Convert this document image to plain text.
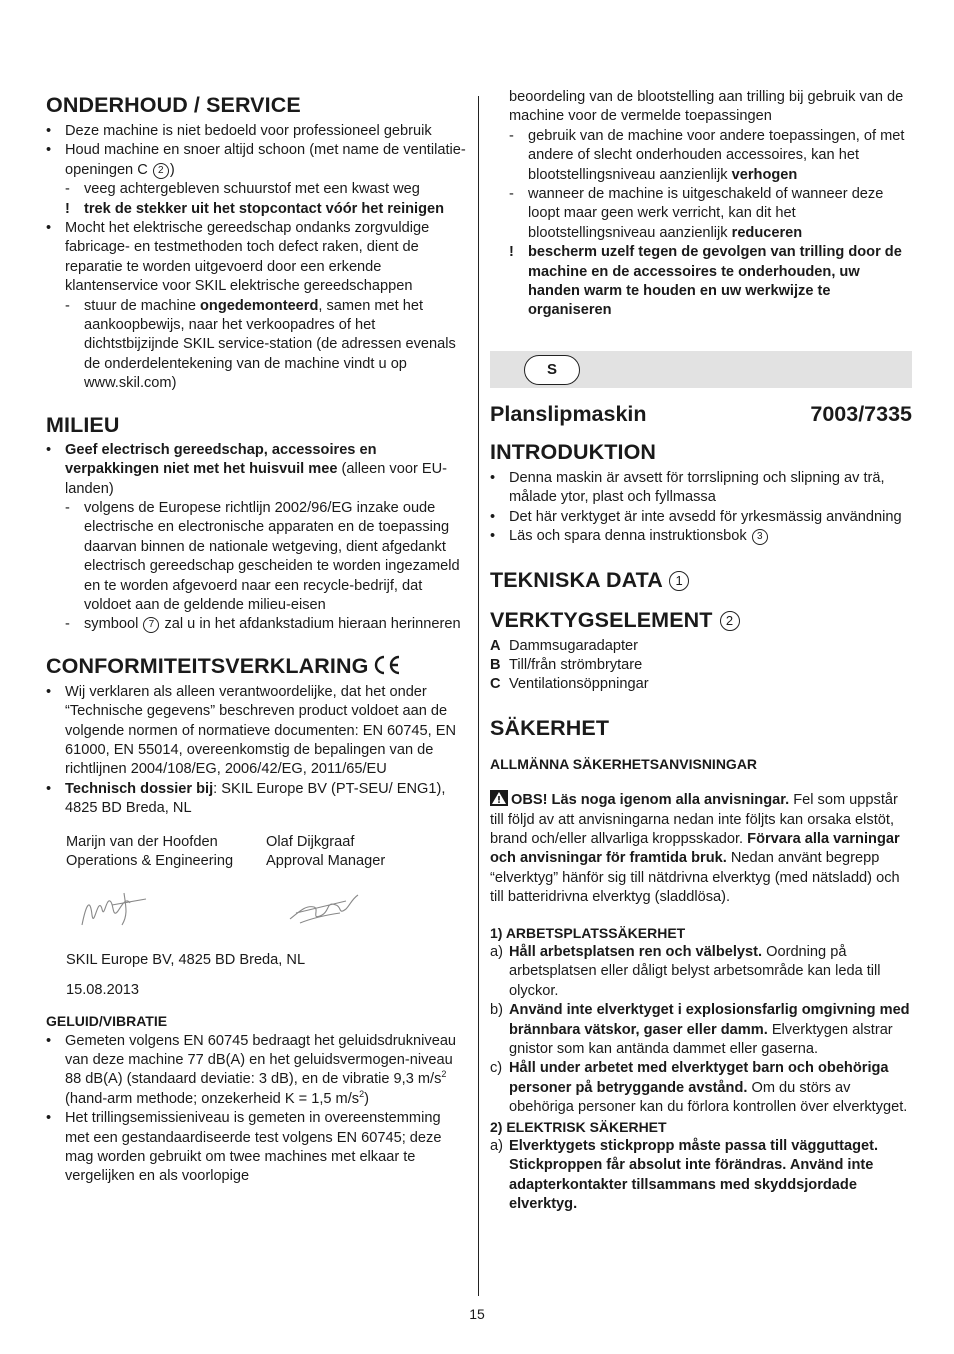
ONDERHOUD / SERVICE
• Deze machine is niet bedoeld voor professioneel gebruik
• Houd machine en snoer altijd schoon (met name de ventilatie-openingen C 2 )
- veeg achtergebleven schuurstof met een kwast weg
! trek de stekker uit het stopcontact vóór het reinigen
• Mocht het elektrische gereedschap ondanks zorgvuldige fabricage- en testmethoden toch defect raken, dient de reparatie te worden uitgevoerd door een erkende klantenservice voor SKIL elektrische gereedschappen
- stuur de machine ongedemonteerd, samen met het aankoopbewijs, naar het verkoopadres of het dichtstbijzijnde SKIL service-station (de adressen evenals de onderdelentekening van de machine vindt u op www.skil.com)
MILIEU
• Geef electrisch gereedschap, accessoires en verpakkingen niet met het huisvuil mee (alleen voor EU-landen)
- volgens de Europese richtlijn 2002/96/EG inzake oude electrische en electronische apparaten en de toepassing daarvan binnen de nationale wetgeving, dient afgedankt electrisch gereedschap gescheiden te worden ingezameld en te worden afgevoerd naar een recycle-bedrijf, dat voldoet aan de geldende milieu-eisen
- symbool 7 zal u in het afdankstadium hieraan herinneren
CONFORMITEITSVERKLARING
• Wij verklaren als alleen verantwoordelijke, dat het onder “Technische gegevens” beschreven product voldoet aan de volgende normen of normatieve documenten: EN 60745, EN 61000, EN 55014, overeenkomstig de bepalingen van de richtlijnen 2004/108/EG, 2006/42/EG, 2011/65/EU
• Technisch dossier bij: SKIL Europe BV (PT-SEU/ ENG1), 4825 BD Breda, NL
Marijn van der Hoofden
Operations & Engineering
Olaf Dijkgraaf
Approval Manager
SKIL Europe BV, 4825 BD Breda, NL
15.08.2013
GELUID/VIBRATIE
• Gemeten volgens EN 60745 bedraagt het geluidsdrukniveau van deze machine 77 dB(A) en het geluidsvermogen-niveau 88 dB(A) (standaard deviatie: 3 dB), en de vibratie 9,3 $m/s^2$ (hand-arm methode; onzekerheid K = 1,5 $m/s^2$)
• Het trillingsemissieniveau is gemeten in overeenstemming met een gestandaardiseerde test volgens EN 60745; deze mag worden gebruikt om twee machines met elkaar te vergelijken en als voorlopige
beoordeling van de blootstelling aan trilling bij gebruik van de machine voor de vermelde toepassingen
- gebruik van de machine voor andere toepassingen, of met andere of slecht onderhouden accessoires, kan het blootstellingsniveau aanzienlijk verhogen
- wanneer de machine is uitgeschakeld of wanneer deze loopt maar geen werk verricht, kan dit het blootstellingsniveau aanzienlijk reduceren
! bescherm uzelf tegen de gevolgen van trilling door de machine en de accessoires te onderhouden, uw handen warm te houden en uw werkwijze te organiseren
S
Planslipmaskin	7003/7335
INTRODUKTION
• Denna maskin är avsett för torrslipning och slipning av trä, målade ytor, plast och fyllmassa
• Det här verktyget är inte avsedd för yrkesmässig användning
• Läs och spara denna instruktionsbok 3
TEKNISKA DATA 1
VERKTYGSELEMENT 2
A Dammsugaradapter
B Till/från strömbrytare
C Ventilationsöppningar
SÄKERHET
ALLMÄNNA SÄKERHETSANVISNINGAR
OBS! Läs noga igenom alla anvisningar. Fel som uppstår till följd av att anvisningarna nedan inte följts kan orsaka elstöt, brand och/eller allvarliga kroppsskador. Förvara alla varningar och anvisningar för framtida bruk. Nedan använt begrepp “elverktyg” hänför sig till nätdrivna elverktyg (med nätsladd) och till batteridrivna elverktyg (sladdlösa).
1) ARBETSPLATSSÄKERHET
a) Håll arbetsplatsen ren och välbelyst. Oordning på arbetsplatsen eller dåligt belyst arbetsområde kan leda till olyckor.
b) Använd inte elverktyget i explosionsfarlig omgivning med brännbara vätskor, gaser eller damm. Elverktygen alstrar gnistor som kan antända dammet eller gaserna.
c) Håll under arbetet med elverktyget barn och obehöriga personer på betryggande avstånd. Om du störs av obehöriga personer kan du förlora kontrollen över elverktyget.
2) ELEKTRISK SÄKERHET
a) Elverktygets stickpropp måste passa till vägguttaget. Stickproppen får absolut inte förändras. Använd inte adapterkontakter tillsammans med skyddsjordade elverktyg.
15
